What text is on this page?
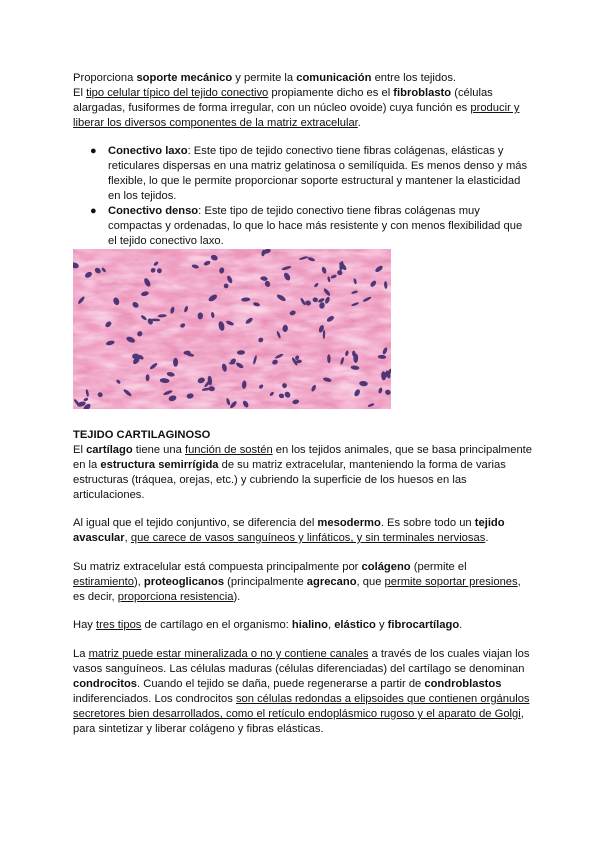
Proporciona soporte mecánico y permite la comunicación entre los tejidos.

El tipo celular típico del tejido conectivo propiamente dicho es el fibroblasto (células alargadas, fusiformes de forma irregular, con un núcleo ovoide) cuya función es producir y liberar los diversos componentes de la matriz extracelular.

● Conectivo laxo: Este tipo de tejido conectivo tiene fibras colágenas, elásticas y reticulares dispersas en una matriz gelatinosa o semilíquida. Es menos denso y más flexible, lo que le permite proporcionar soporte estructural y mantener la elasticidad en los tejidos.

● Conectivo denso: Este tipo de tejido conectivo tiene fibras colágenas muy compactas y ordenadas, lo que lo hace más resistente y con menos flexibilidad que el tejido conectivo laxo.

TEJIDO CARTILAGINOSO

El cartílago tiene una función de sostén en los tejidos animales, que se basa principalmente en la estructura semirrígida de su matriz extracelular, manteniendo la forma de varias estructuras (tráquea, orejas, etc.) y cubriendo la superficie de los huesos en las articulaciones.

Al igual que el tejido conjuntivo, se diferencia del mesodermo. Es sobre todo un tejido avascular, que carece de vasos sanguíneos y linfáticos, y sin terminales nerviosas.

Su matriz extracelular está compuesta principalmente por colágeno (permite el estiramiento), proteoglicanos (principalmente agrecano, que permite soportar presiones, es decir, proporciona resistencia).

Hay tres tipos de cartílago en el organismo: hialino, elástico y fibrocartílago.

La matriz puede estar mineralizada o no y contiene canales a través de los cuales viajan los vasos sanguíneos. Las células maduras (células diferenciadas) del cartílago se denominan condrocitos. Cuando el tejido se daña, puede regenerarse a partir de condroblastos indiferenciados. Los condrocitos son células redondas a elipsoides que contienen orgánulos secretores bien desarrollados, como el retículo endoplásmico rugoso y el aparato de Golgi, para sintetizar y liberar colágeno y fibras elásticas.
